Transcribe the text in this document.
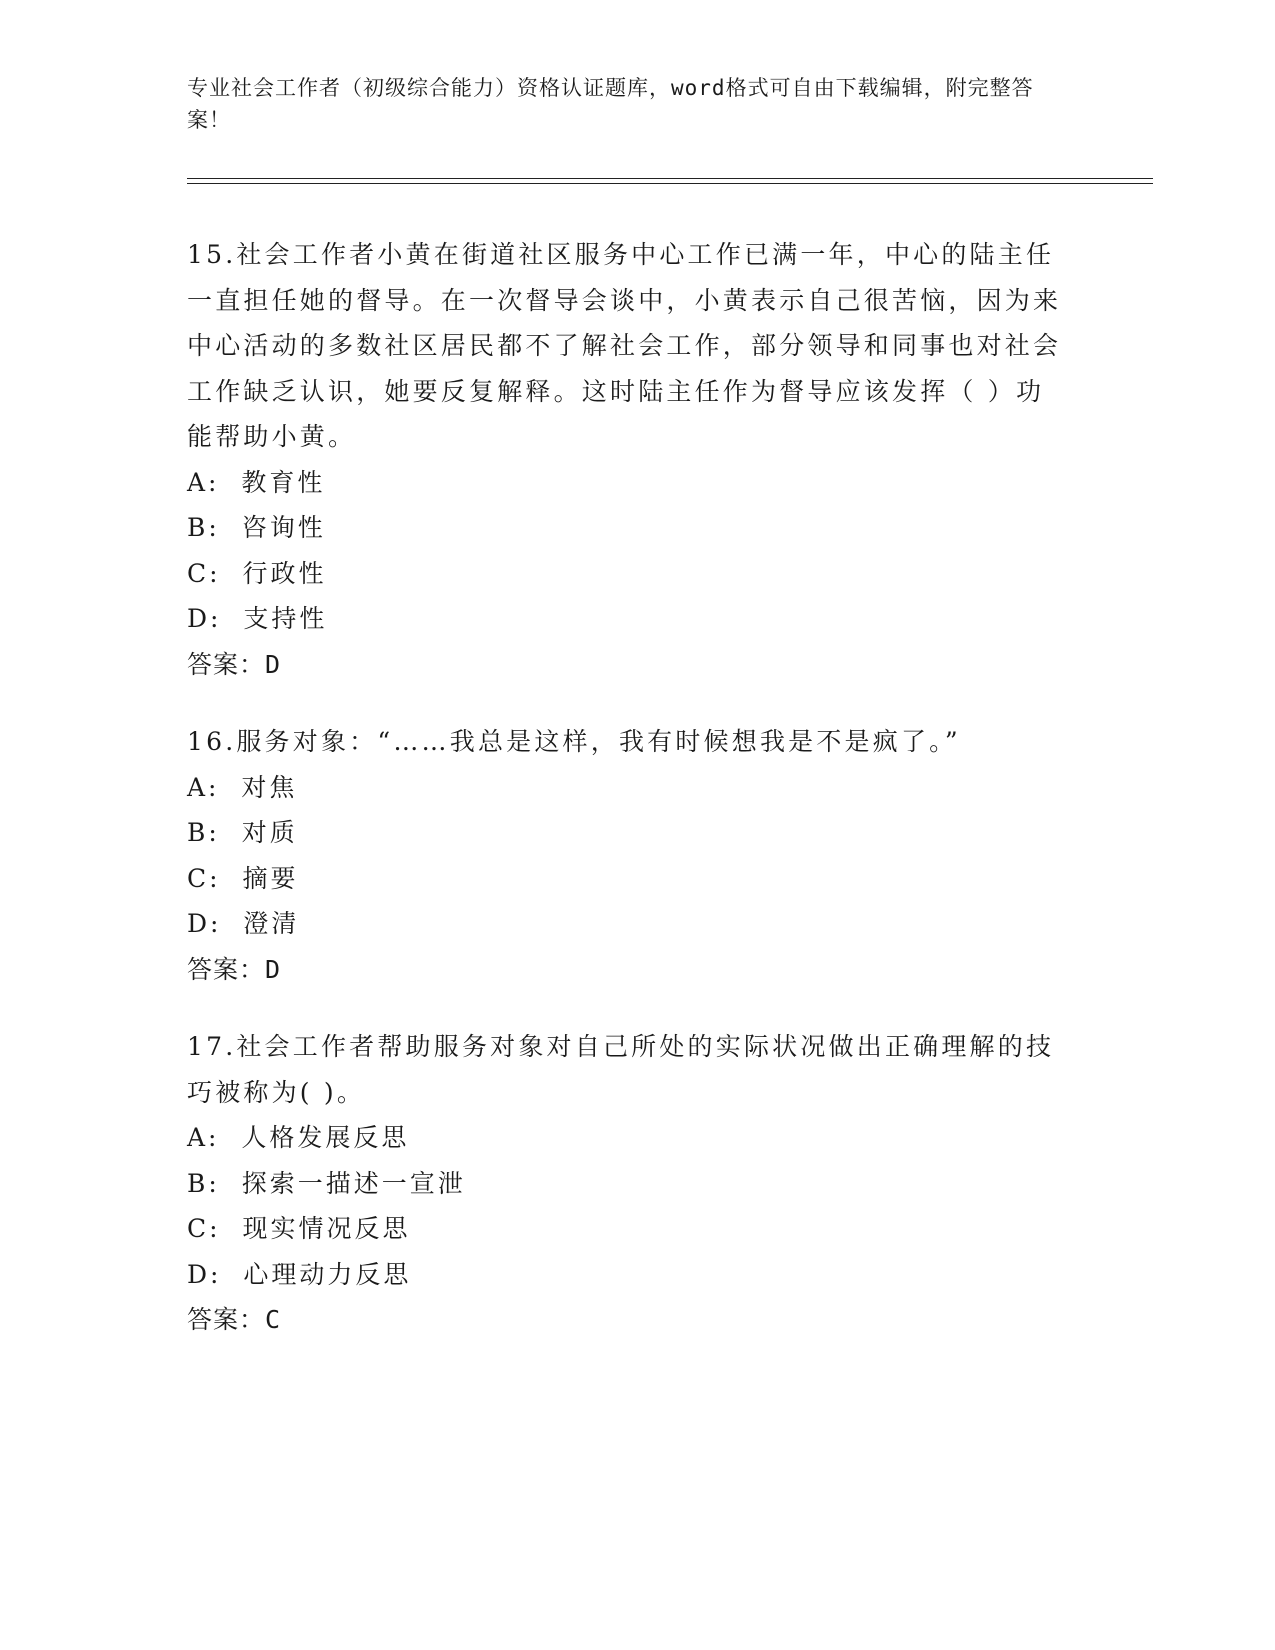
专业社会工作者（初级综合能力）资格认证题库，word格式可自由下载编辑，附完整答案！

15.社会工作者小黄在街道社区服务中心工作已满一年，中心的陆主任一直担任她的督导。在一次督导会谈中，小黄表示自己很苦恼，因为来中心活动的多数社区居民都不了解社会工作，部分领导和同事也对社会工作缺乏认识，她要反复解释。这时陆主任作为督导应该发挥（ ）功能帮助小黄。

A:  教育性

B:  咨询性

C:  行政性

D:  支持性

答案：D

16.服务对象：“……我总是这样，我有时候想我是不是疯了。”

A:  对焦

B:  对质

C:  摘要

D:  澄清

答案：D

17.社会工作者帮助服务对象对自己所处的实际状况做出正确理解的技巧被称为( )。

A:  人格发展反思

B:  探索一描述一宣泄

C:  现实情况反思

D:  心理动力反思

答案：C
